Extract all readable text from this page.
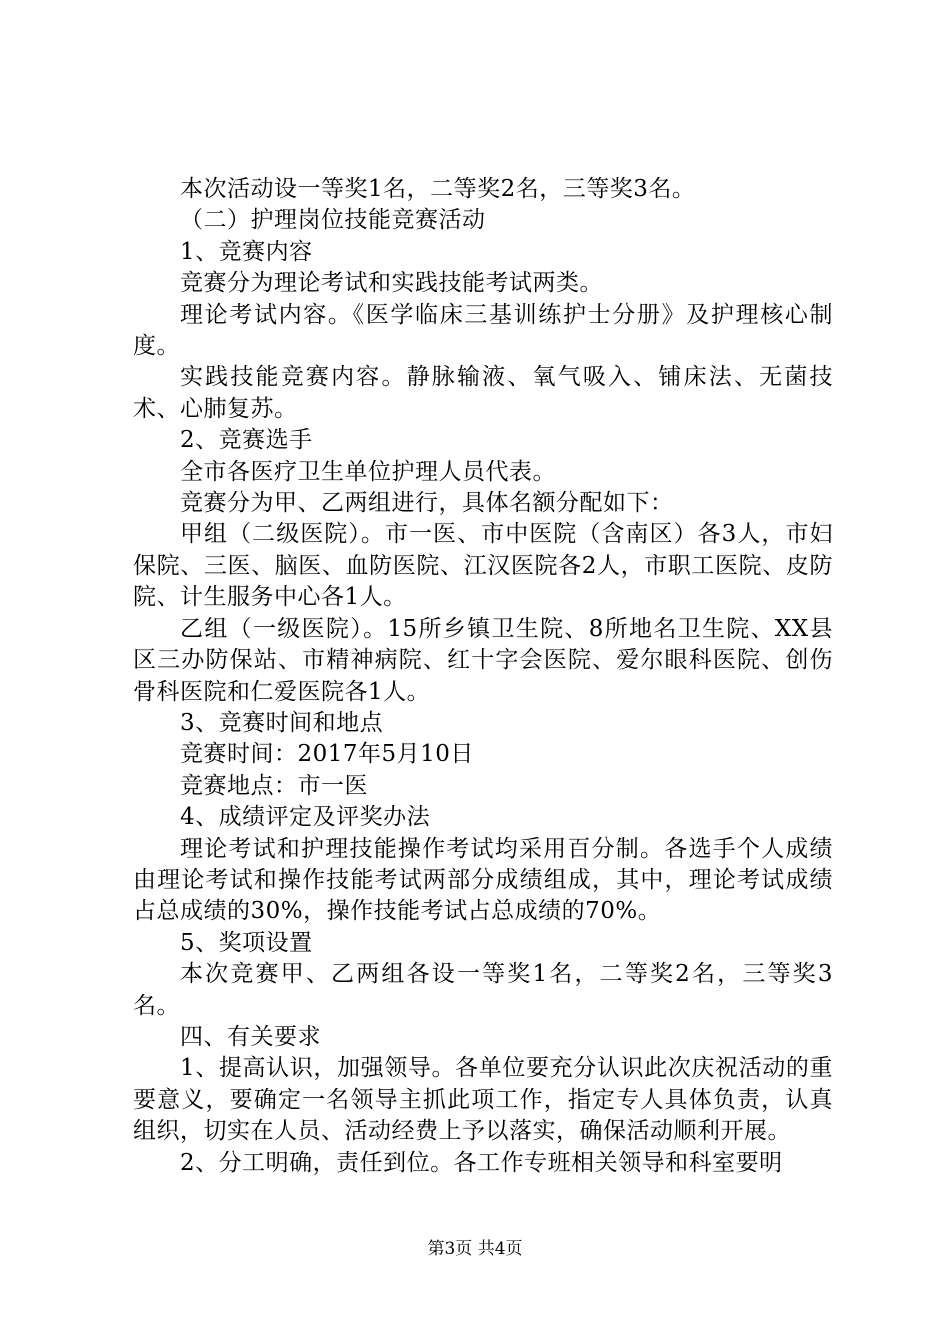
本次活动设一等奖1名，二等奖2名，三等奖3名。

（二）护理岗位技能竞赛活动

1、竞赛内容

竞赛分为理论考试和实践技能考试两类。

理论考试内容。《医学临床三基训练护士分册》及护理核心制度。

实践技能竞赛内容。静脉输液、氧气吸入、铺床法、无菌技术、心肺复苏。

2、竞赛选手

全市各医疗卫生单位护理人员代表。

竞赛分为甲、乙两组进行，具体名额分配如下：

甲组（二级医院）。市一医、市中医院（含南区）各3人，市妇保院、三医、脑医、血防医院、江汉医院各2人，市职工医院、皮防院、计生服务中心各1人。

乙组（一级医院）。15所乡镇卫生院、8所地名卫生院、XX县区三办防保站、市精神病院、红十字会医院、爱尔眼科医院、创伤骨科医院和仁爱医院各1人。

3、竞赛时间和地点

竞赛时间：2017年5月10日

竞赛地点：市一医

4、成绩评定及评奖办法

理论考试和护理技能操作考试均采用百分制。各选手个人成绩由理论考试和操作技能考试两部分成绩组成，其中，理论考试成绩占总成绩的30%，操作技能考试占总成绩的70%。

5、奖项设置

本次竞赛甲、乙两组各设一等奖1名，二等奖2名，三等奖3名。

四、有关要求

1、提高认识，加强领导。各单位要充分认识此次庆祝活动的重要意义，要确定一名领导主抓此项工作，指定专人具体负责，认真组织，切实在人员、活动经费上予以落实，确保活动顺利开展。

2、分工明确，责任到位。各工作专班相关领导和科室要明

第3页 共4页
